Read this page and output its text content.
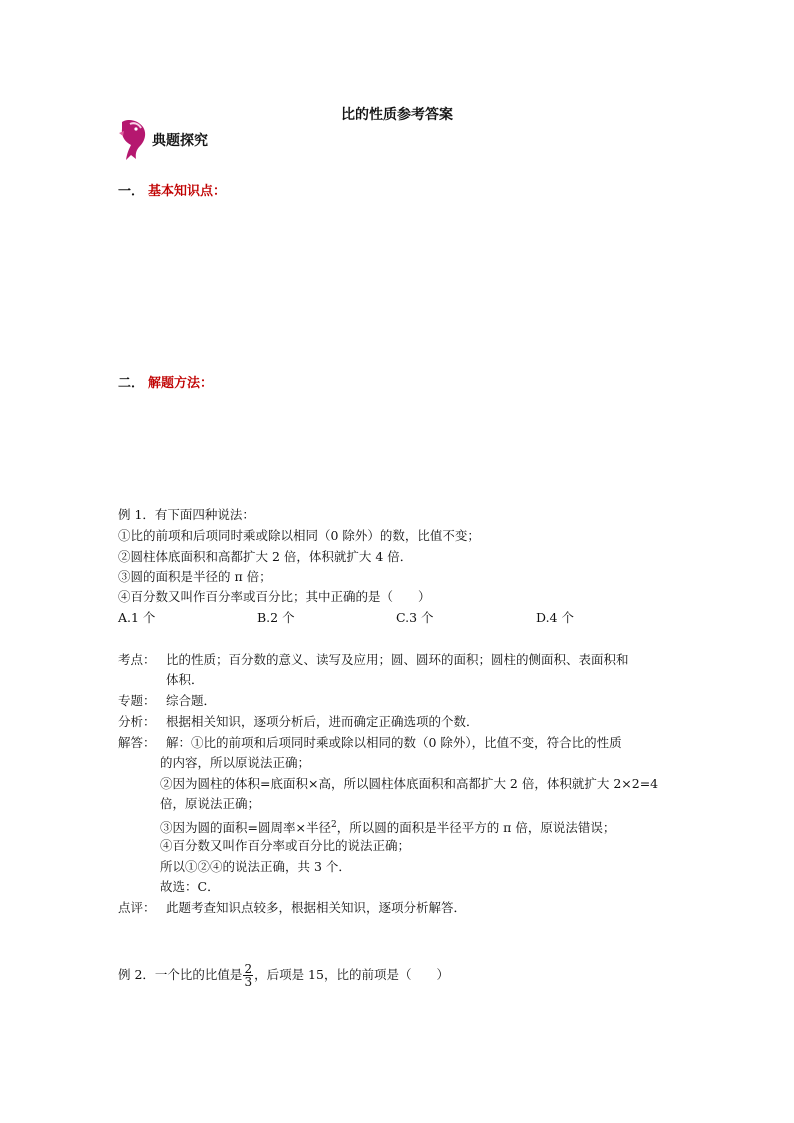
比的性质参考答案
典题探究
一． 基本知识点：
二． 解题方法：
例 1．有下面四种说法：
①比的前项和后项同时乘或除以相同（0 除外）的数，比值不变；
②圆柱体底面积和高都扩大 2 倍，体积就扩大 4 倍．
③圆的面积是半径的 π 倍；
④百分数又叫作百分率或百分比；其中正确的是（　　）
A.1 个	B.2 个	C.3 个	D.4 个
考点： 比的性质；百分数的意义、读写及应用；圆、圆环的面积；圆柱的侧面积、表面积和
体积．
专题： 综合题．
分析： 根据相关知识，逐项分析后，进而确定正确选项的个数．
解答： 解：①比的前项和后项同时乘或除以相同的数（0 除外），比值不变，符合比的性质
的内容，所以原说法正确；
②因为圆柱的体积=底面积×高，所以圆柱体底面积和高都扩大 2 倍，体积就扩大 2×2=4
倍，原说法正确；
③因为圆的面积=圆周率×半径$^2$，所以圆的面积是半径平方的 π 倍，原说法错误；
④百分数又叫作百分率或百分比的说法正确；
所以①②④的说法正确，共 3 个．
故选：C．
点评： 此题考查知识点较多，根据相关知识，逐项分析解答．
例 2．一个比的比值是 $\frac{2}{3}$ ，后项是 15，比的前项是（　　）
